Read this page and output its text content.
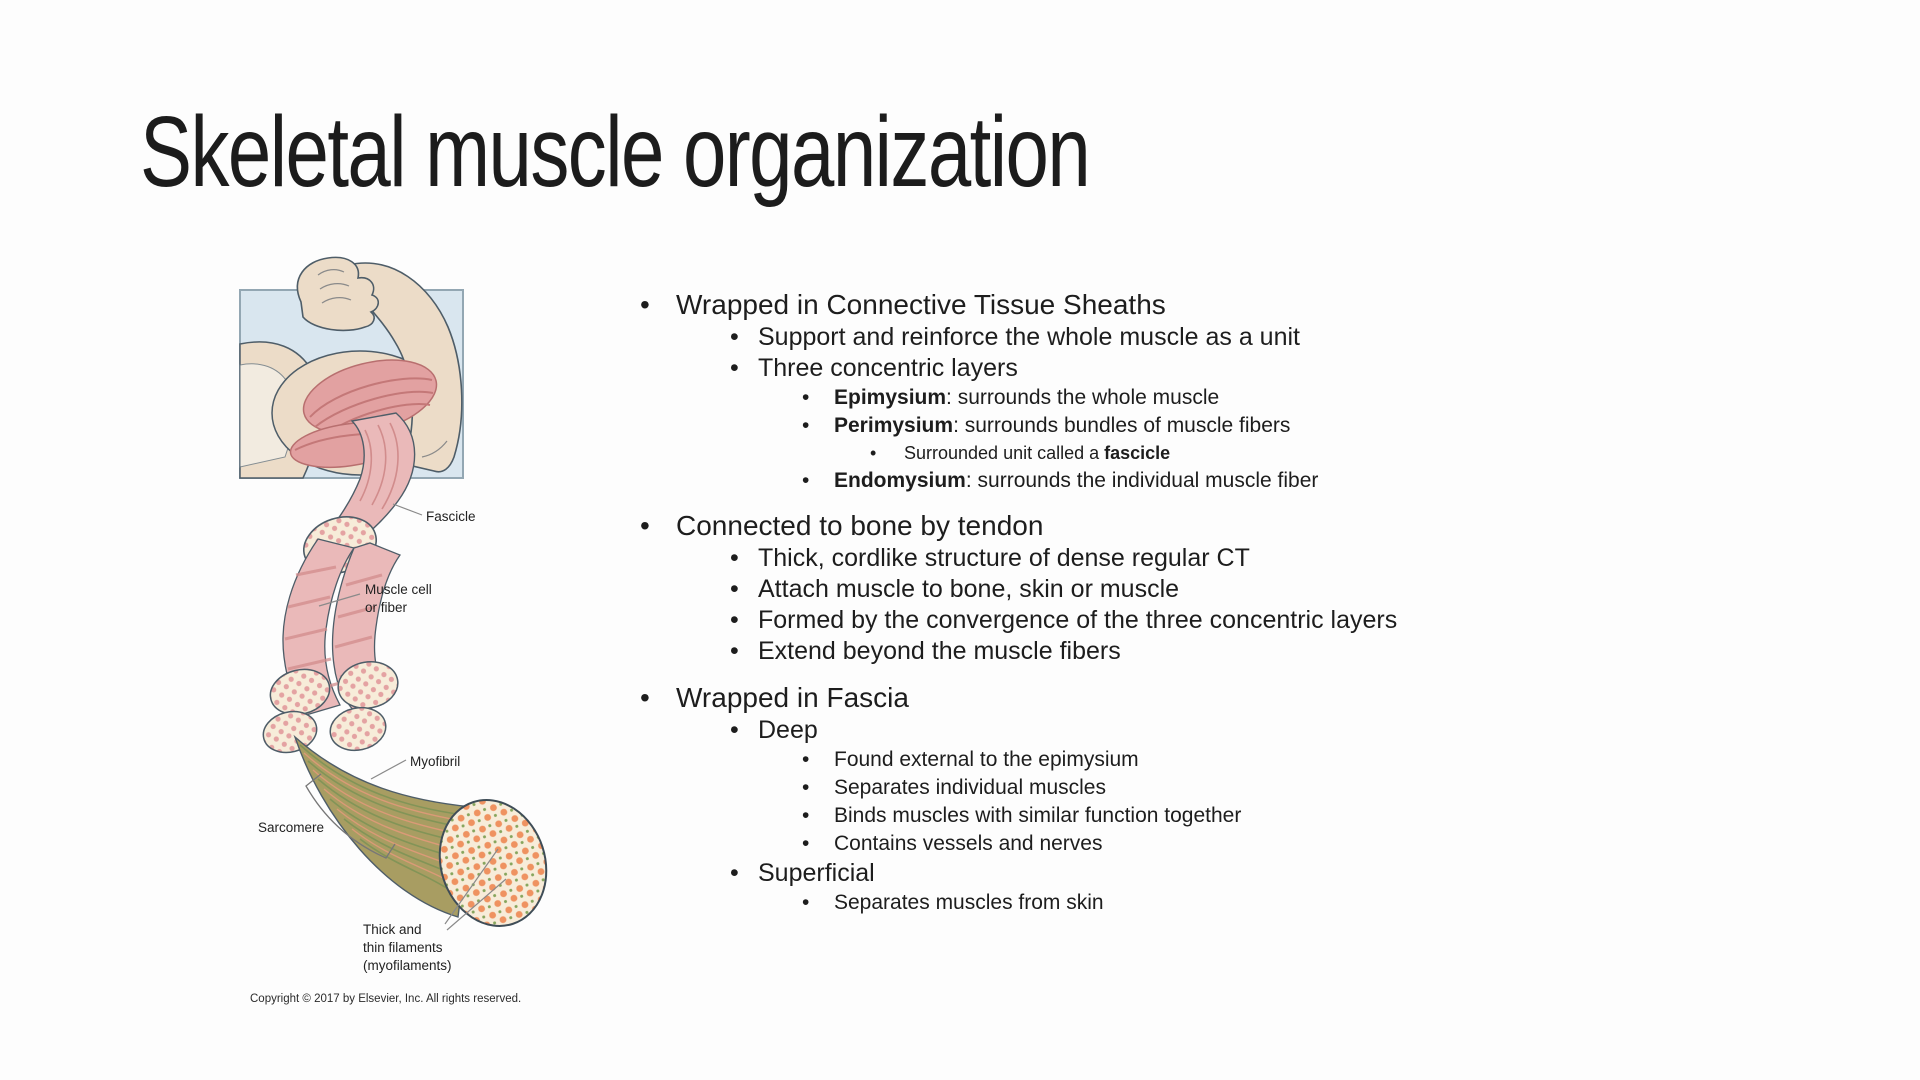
Skeletal muscle organization
Fascicle
Muscle cell
or fiber
Myofibril
Sarcomere
Thick and
thin filaments
(myofilaments)
Copyright © 2017 by Elsevier, Inc. All rights reserved.
• Wrapped in Connective Tissue Sheaths
• Support and reinforce the whole muscle as a unit
• Three concentric layers
• Epimysium: surrounds the whole muscle
• Perimysium: surrounds bundles of muscle fibers
• Surrounded unit called a fascicle
• Endomysium: surrounds the individual muscle fiber
• Connected to bone by tendon
• Thick, cordlike structure of dense regular CT
• Attach muscle to bone, skin or muscle
• Formed by the convergence of the three concentric layers
• Extend beyond the muscle fibers
• Wrapped in Fascia
• Deep
• Found external to the epimysium
• Separates individual muscles
• Binds muscles with similar function together
• Contains vessels and nerves
• Superficial
• Separates muscles from skin
